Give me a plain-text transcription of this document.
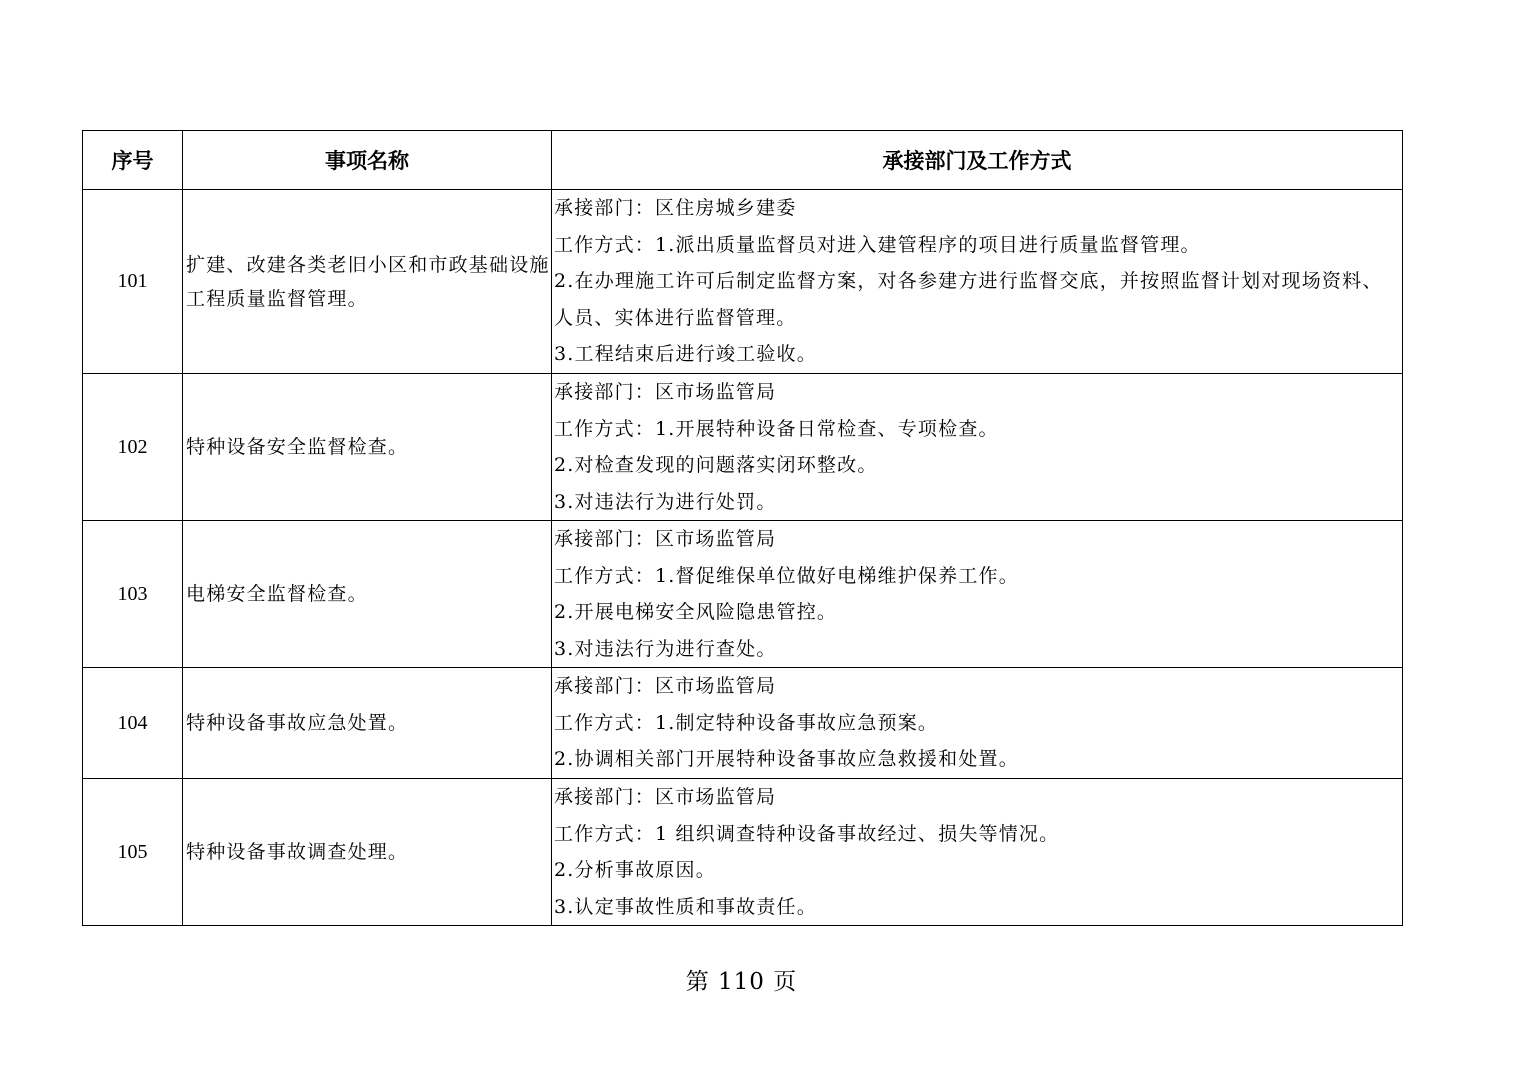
序号	事项名称	承接部门及工作方式
101	扩建、改建各类老旧小区和市政基础设施工程质量监督管理。	承接部门：区住房城乡建委
工作方式：1.派出质量监督员对进入建管程序的项目进行质量监督管理。
2.在办理施工许可后制定监督方案，对各参建方进行监督交底，并按照监督计划对现场资料、人员、实体进行监督管理。
3.工程结束后进行竣工验收。

102	特种设备安全监督检查。	承接部门：区市场监管局
工作方式：1.开展特种设备日常检查、专项检查。
2.对检查发现的问题落实闭环整改。
3.对违法行为进行处罚。

103	电梯安全监督检查。	承接部门：区市场监管局
工作方式：1.督促维保单位做好电梯维护保养工作。
2.开展电梯安全风险隐患管控。
3.对违法行为进行查处。

104	特种设备事故应急处置。	承接部门：区市场监管局
工作方式：1.制定特种设备事故应急预案。
2.协调相关部门开展特种设备事故应急救援和处置。

105	特种设备事故调查处理。	承接部门：区市场监管局
工作方式：1 组织调查特种设备事故经过、损失等情况。
2.分析事故原因。
3.认定事故性质和事故责任。
第 110 页
